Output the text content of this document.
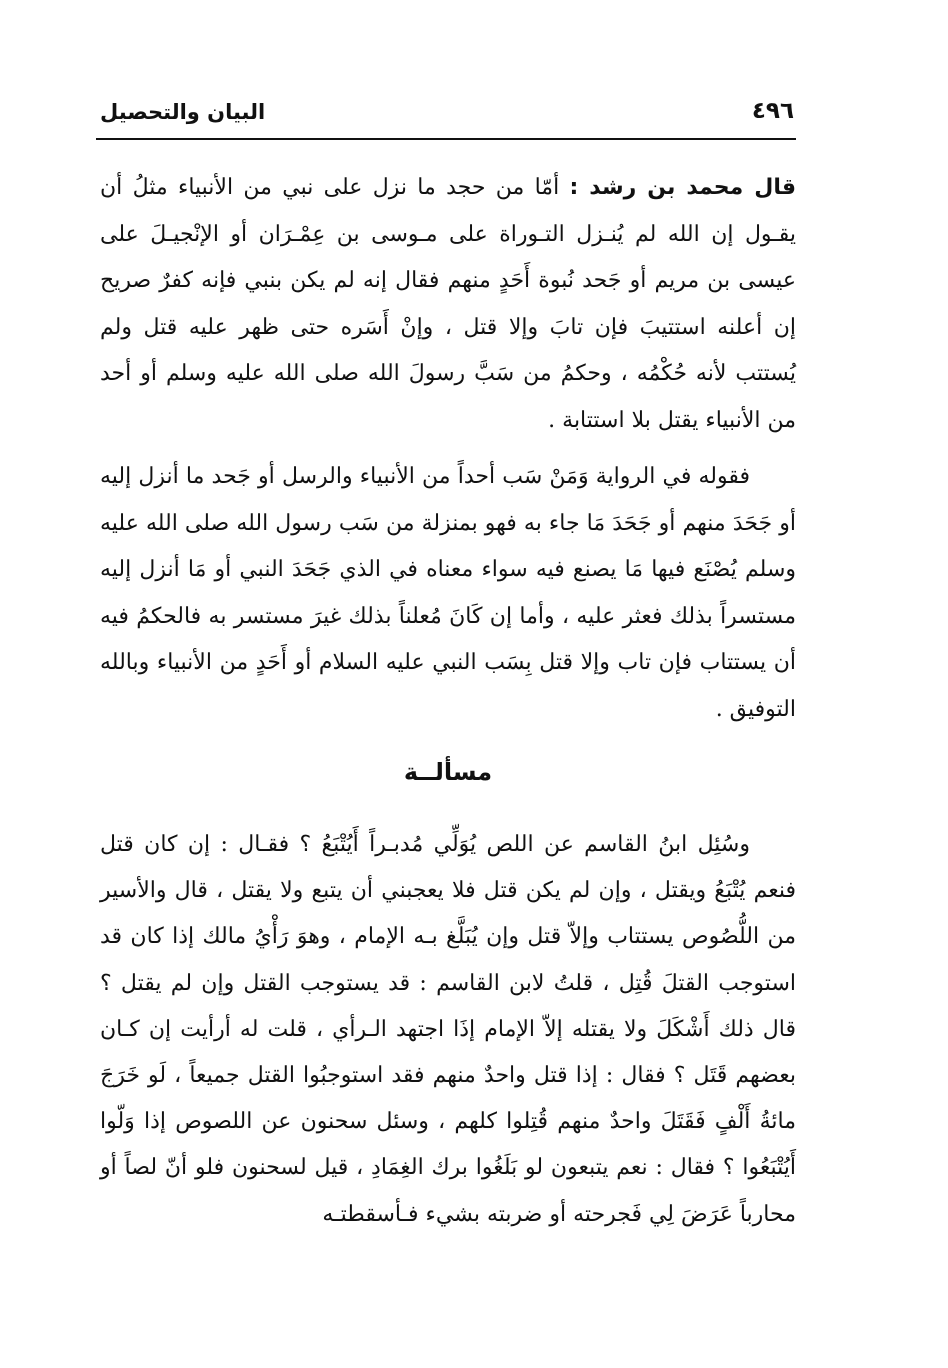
البيان والتحصيل	٤٩٦

قال محمد بن رشد : أمّا من حجد ما نزل على نبي من الأنبياء مثلُ أن يقـول إن الله لم يُنـزل التـوراة على مـوسى بن عِمْـرَان أو الإنْجيـلَ على عيسى بن مريم أو جَحد نُبوة أَحَدٍ منهم فقال إنه لم يكن بنبي فإنه كفرٌ صريح إن أعلنه استتيبَ فإن تابَ وإلا قتل ، وإنْ أَسَره حتى ظهر عليه قتل ولم يُستتب لأنه حُكْمُه ، وحكمُ من سَبَّ رسولَ الله صلى الله عليه وسلم أو أحد من الأنبياء يقتل بلا استتابة .

فقوله في الرواية وَمَنْ سَب أحداً من الأنبياء والرسل أو جَحد ما أنزل إليه أو جَحَدَ منهم أو جَحَدَ مَا جاء به فهو بمنزلة من سَب رسول الله صلى الله عليه وسلم يُصْنَع فيها مَا يصنع فيه سواء معناه في الذي جَحَدَ النبي أو مَا أنزل إليه مستسراً بذلك فعثر عليه ، وأما إن كَانَ مُعلناً بذلك غيرَ مستسر به فالحكمُ فيه أن يستتاب فإن تاب وإلا قتل بِسَب النبي عليه السلام أو أَحَدٍ من الأنبياء وبالله التوفيق .

مسألــة

وسُئِل ابنُ القاسم عن اللص يُوَلِّي مُدبـراً أَيُتْبَعُ ؟ فقـال : إن كان قتل فنعم يُتْبَعُ ويقتل ، وإن لم يكن قتل فلا يعجبني أن يتبع ولا يقتل ، قال والأسير من اللُّصُوص يستتاب وإلاّ قتل وإن يُبَلَّغ بـه الإمام ، وهوَ رَأْيُ مالك إذا كان قد استوجب القتلَ قُتِل ، قلتُ لابن القاسم : قد يستوجب القتل وإن لم يقتل ؟ قال ذلك أَشْكَلَ ولا يقتله إلاّ الإمام إذَا اجتهد الـرأي ، قلت له أرأيت إن كـان بعضهم قَتَل ؟ فقال : إذا قتل واحدٌ منهم فقد استوجبُوا القتل جميعاً ، لَو خَرَجَ مائةُ أَلْفٍ فَقَتَلَ واحدٌ منهم قُتِلوا كلهم ، وسئل سحنون عن اللصوص إذا وَلّوا أَيُتْبَعُوا ؟ فقال : نعم يتبعون لو بَلَغُوا برك الغِمَادِ ، قيل لسحنون فلو أنّ لصاً أو محارباً عَرَضَ لِي فَجرحته أو ضربته بشيء فـأسقطتـه
